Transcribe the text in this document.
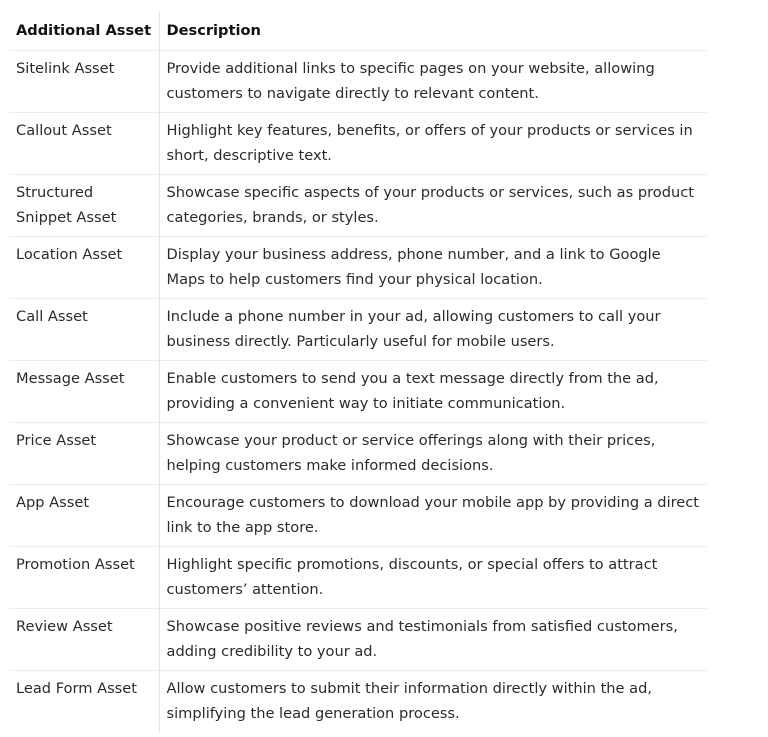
Additional Asset	Description
Sitelink Asset	Provide additional links to specific pages on your website, allowing customers to navigate directly to relevant content.
Callout Asset	Highlight key features, benefits, or offers of your products or services in short, descriptive text.
Structured Snippet Asset	Showcase specific aspects of your products or services, such as product categories, brands, or styles.
Location Asset	Display your business address, phone number, and a link to Google Maps to help customers find your physical location.
Call Asset	Include a phone number in your ad, allowing customers to call your business directly. Particularly useful for mobile users.
Message Asset	Enable customers to send you a text message directly from the ad, providing a convenient way to initiate communication.
Price Asset	Showcase your product or service offerings along with their prices, helping customers make informed decisions.
App Asset	Encourage customers to download your mobile app by providing a direct link to the app store.
Promotion Asset	Highlight specific promotions, discounts, or special offers to attract customers’ attention.
Review Asset	Showcase positive reviews and testimonials from satisfied customers, adding credibility to your ad.
Lead Form Asset	Allow customers to submit their information directly within the ad, simplifying the lead generation process.
